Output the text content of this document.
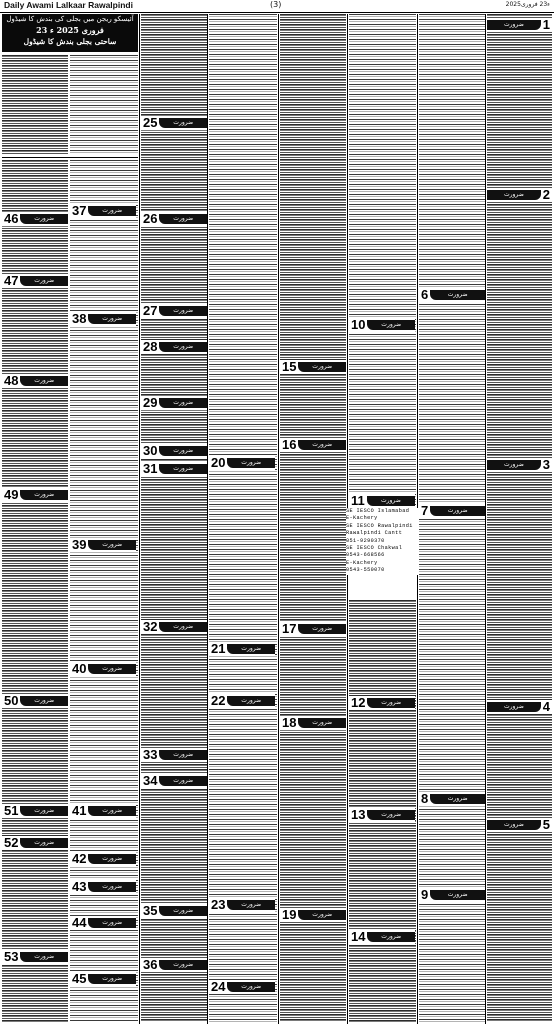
Daily Awami Lalkaar Rawalpindi	(3)	2025ء23 فروری
آئیسکو ریجن میں بجلی کی بندش کا شیڈول
23 فروری 2025 ء
ساحتی بجلی بندش کا شیڈول
ضرورت	1
ضرورت	2
ضرورت	3
ضرورت	4
ضرورت	5
6	ضرورت
7	ضرورت
8	ضرورت
9	ضرورت
10	ضرورت
11	ضرورت
12	ضرورت
13	ضرورت
14	ضرورت
15	ضرورت
16	ضرورت
17	ضرورت
18	ضرورت
19	ضرورت
20	ضرورت
21	ضرورت
22	ضرورت
23	ضرورت
24	ضرورت
25	ضرورت
26	ضرورت
27	ضرورت
28	ضرورت
29	ضرورت
30	ضرورت
31	ضرورت
32	ضرورت
33	ضرورت
34	ضرورت
35	ضرورت
36	ضرورت
37	ضرورت
38	ضرورت
39	ضرورت
40	ضرورت
41	ضرورت
42	ضرورت
43	ضرورت
44	ضرورت
45	ضرورت
46	ضرورت
47	ضرورت
48	ضرورت
49	ضرورت
50	ضرورت
51	ضرورت
52	ضرورت
53	ضرورت
SE IESCO Islamabad
E-Kachery
SE IESCO Rawalpindi
Rawalpindi Cantt
051-9290370
SE IESCO Chakwal
0543-668566
E-Kachery
0543-550070
